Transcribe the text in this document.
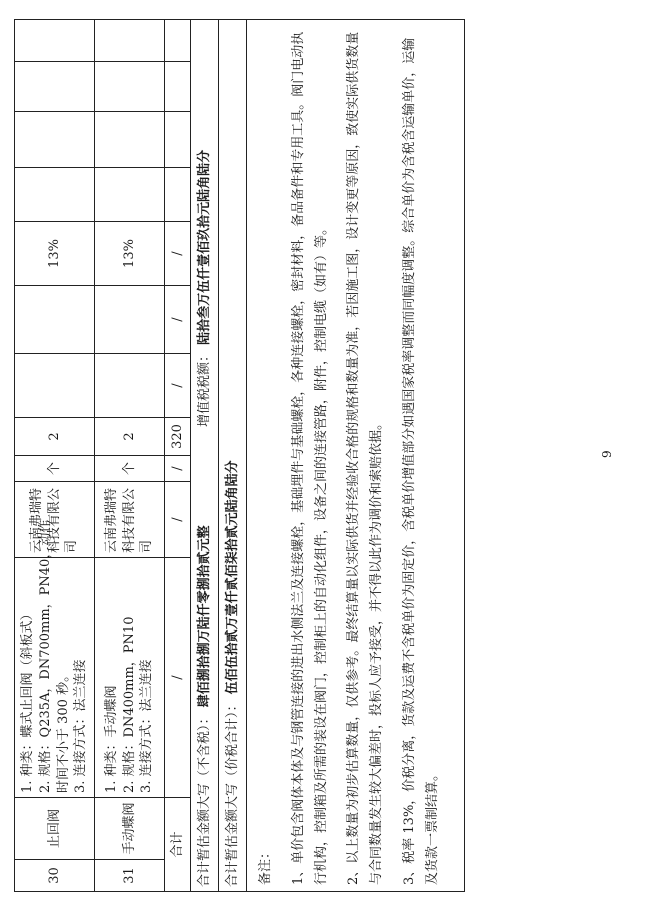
30	止回阀	1. 种类：蝶式止回阀（斜板式） 2. 规格：Q235A，DN700mm，PN40，动作 时间不小于 300 秒。 3. 连接方式：法兰连接	云南弗瑞特科技有限公司	个	2			13%				
31	手动蝶阀	1. 种类：手动蝶阀 2. 规格：DN400mm，PN10 3. 连接方式：法兰连接	云南弗瑞特科技有限公司	个	2			13%				
合计		/	/	/	320	/	/	/				
合计暂估金额大写（不含税）： 肆佰捌拾捌万陆仟零捌拾贰元整  增值税税额： 陆拾叁万伍仟壹佰玖拾元陆角陆分												
合计暂估金额大写（价税合计）： 伍佰伍拾贰万壹仟贰佰柒拾贰元陆角陆分												

备注： 1、单价包含阀体本体及与钢管连接的进出水侧法兰及连接螺栓，基础埋件与基础螺栓，各种连接螺栓，密封材料，备品备件和专用工具。阀门电动执行机构，控制箱及所需的装设在阀门，控制柜上的自动化组件，设备之间的连接管路，附件，控制电缆（如有）等。 2、以上数量为初步估算数量，仅供参考。最终结算量以实际供货并经验收合格的规格和数量为准，若因施工图，设计变更等原因，致使实际供货数量与合同数量发生较大偏差时，投标人应予接受，并不得以此作为调价和索赔依据。 3、税率 13%，价税分离，货款及运费不含税单价为固定价，含税单价增值部分如遇国家税率调整而同幅度调整。综合单价为含税含运输单价，运输及货款一票制结算。												

9
